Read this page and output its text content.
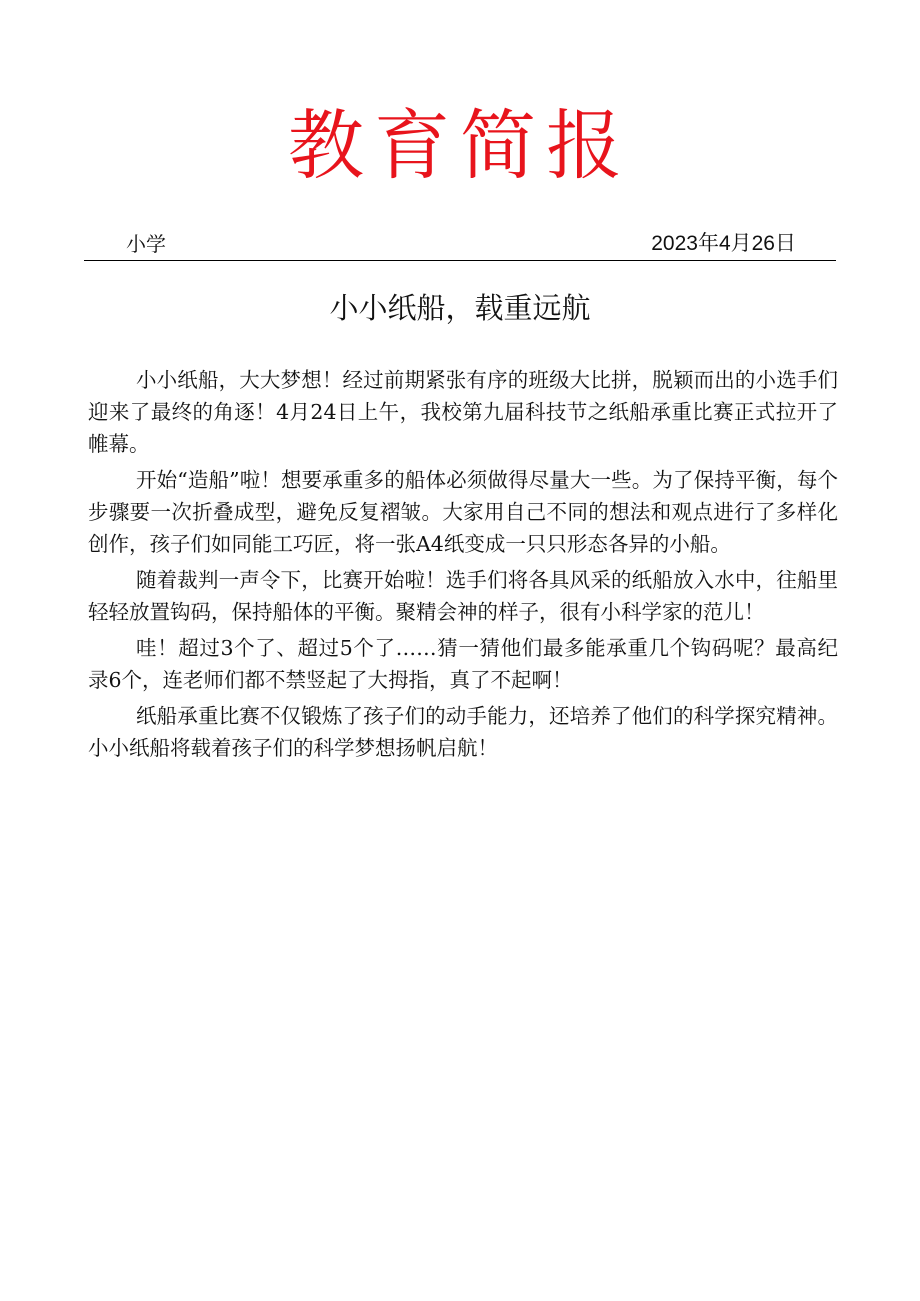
教育简报
小学	2023年4月26日
小小纸船，载重远航

小小纸船，大大梦想！经过前期紧张有序的班级大比拼，脱颖而出的小选手们迎来了最终的角逐！4月24日上午，我校第九届科技节之纸船承重比赛正式拉开了帷幕。

开始“造船”啦！想要承重多的船体必须做得尽量大一些。为了保持平衡，每个步骤要一次折叠成型，避免反复褶皱。大家用自己不同的想法和观点进行了多样化创作，孩子们如同能工巧匠，将一张A4纸变成一只只形态各异的小船。

随着裁判一声令下，比赛开始啦！选手们将各具风采的纸船放入水中，往船里轻轻放置钩码，保持船体的平衡。聚精会神的样子，很有小科学家的范儿！

哇！超过3个了、超过5个了……猜一猜他们最多能承重几个钩码呢？最高纪录6个，连老师们都不禁竖起了大拇指，真了不起啊！

纸船承重比赛不仅锻炼了孩子们的动手能力，还培养了他们的科学探究精神。小小纸船将载着孩子们的科学梦想扬帆启航！
